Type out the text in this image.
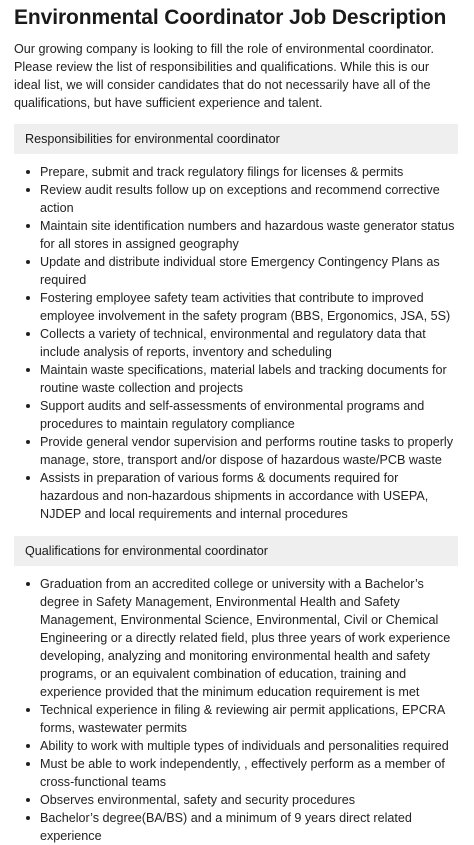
Environmental Coordinator Job Description

Our growing company is looking to fill the role of environmental coordinator. Please review the list of responsibilities and qualifications. While this is our ideal list, we will consider candidates that do not necessarily have all of the qualifications, but have sufficient experience and talent.

Responsibilities for environmental coordinator
Prepare, submit and track regulatory filings for licenses & permits
Review audit results follow up on exceptions and recommend corrective action
Maintain site identification numbers and hazardous waste generator status for all stores in assigned geography
Update and distribute individual store Emergency Contingency Plans as required
Fostering employee safety team activities that contribute to improved employee involvement in the safety program (BBS, Ergonomics, JSA, 5S)
Collects a variety of technical, environmental and regulatory data that include analysis of reports, inventory and scheduling
Maintain waste specifications, material labels and tracking documents for routine waste collection and projects
Support audits and self-assessments of environmental programs and procedures to maintain regulatory compliance
Provide general vendor supervision and performs routine tasks to properly manage, store, transport and/or dispose of hazardous waste/PCB waste
Assists in preparation of various forms & documents required for hazardous and non-hazardous shipments in accordance with USEPA, NJDEP and local requirements and internal procedures
Qualifications for environmental coordinator
Graduation from an accredited college or university with a Bachelor’s degree in Safety Management, Environmental Health and Safety Management, Environmental Science, Environmental, Civil or Chemical Engineering or a directly related field, plus three years of work experience developing, analyzing and monitoring environmental health and safety programs, or an equivalent combination of education, training and experience provided that the minimum education requirement is met
Technical experience in filing & reviewing air permit applications, EPCRA forms, wastewater permits
Ability to work with multiple types of individuals and personalities required
Must be able to work independently, , effectively perform as a member of cross-functional teams
Observes environmental, safety and security procedures
Bachelor’s degree(BA/BS) and a minimum of 9 years direct related experience
